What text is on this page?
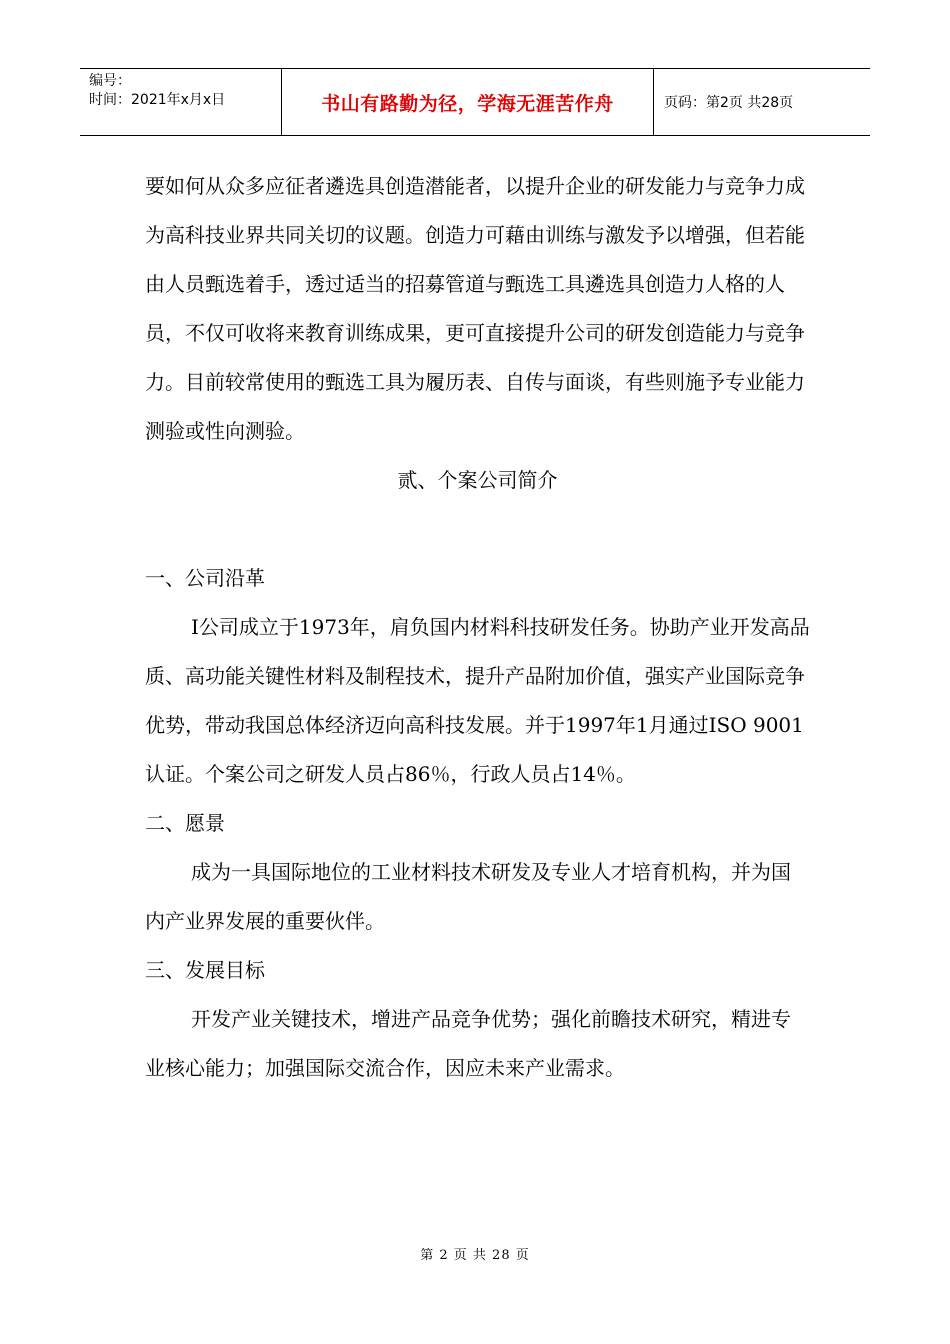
编号：
时间：2021年x月x日	书山有路勤为径，学海无涯苦作舟	页码：第2页 共28页

要如何从众多应征者遴选具创造潜能者，以提升企业的研发能力与竞争力成为高科技业界共同关切的议题。创造力可藉由训练与激发予以增强，但若能由人员甄选着手，透过适当的招募管道与甄选工具遴选具创造力人格的人员，不仅可收将来教育训练成果，更可直接提升公司的研发创造能力与竞争力。目前较常使用的甄选工具为履历表、自传与面谈，有些则施予专业能力测验或性向测验。

贰、个案公司简介

一、公司沿革

I公司成立于1973年，肩负国内材料科技研发任务。协助产业开发高品质、高功能关键性材料及制程技术，提升产品附加价值，强实产业国际竞争优势，带动我国总体经济迈向高科技发展。并于1997年1月通过ISO 9001认证。个案公司之研发人员占86％，行政人员占14％。

二、愿景

成为一具国际地位的工业材料技术研发及专业人才培育机构，并为国内产业界发展的重要伙伴。

三、发展目标

开发产业关键技术，增进产品竞争优势；强化前瞻技术研究，精进专业核心能力；加强国际交流合作，因应未来产业需求。

第 2 页 共 28 页
